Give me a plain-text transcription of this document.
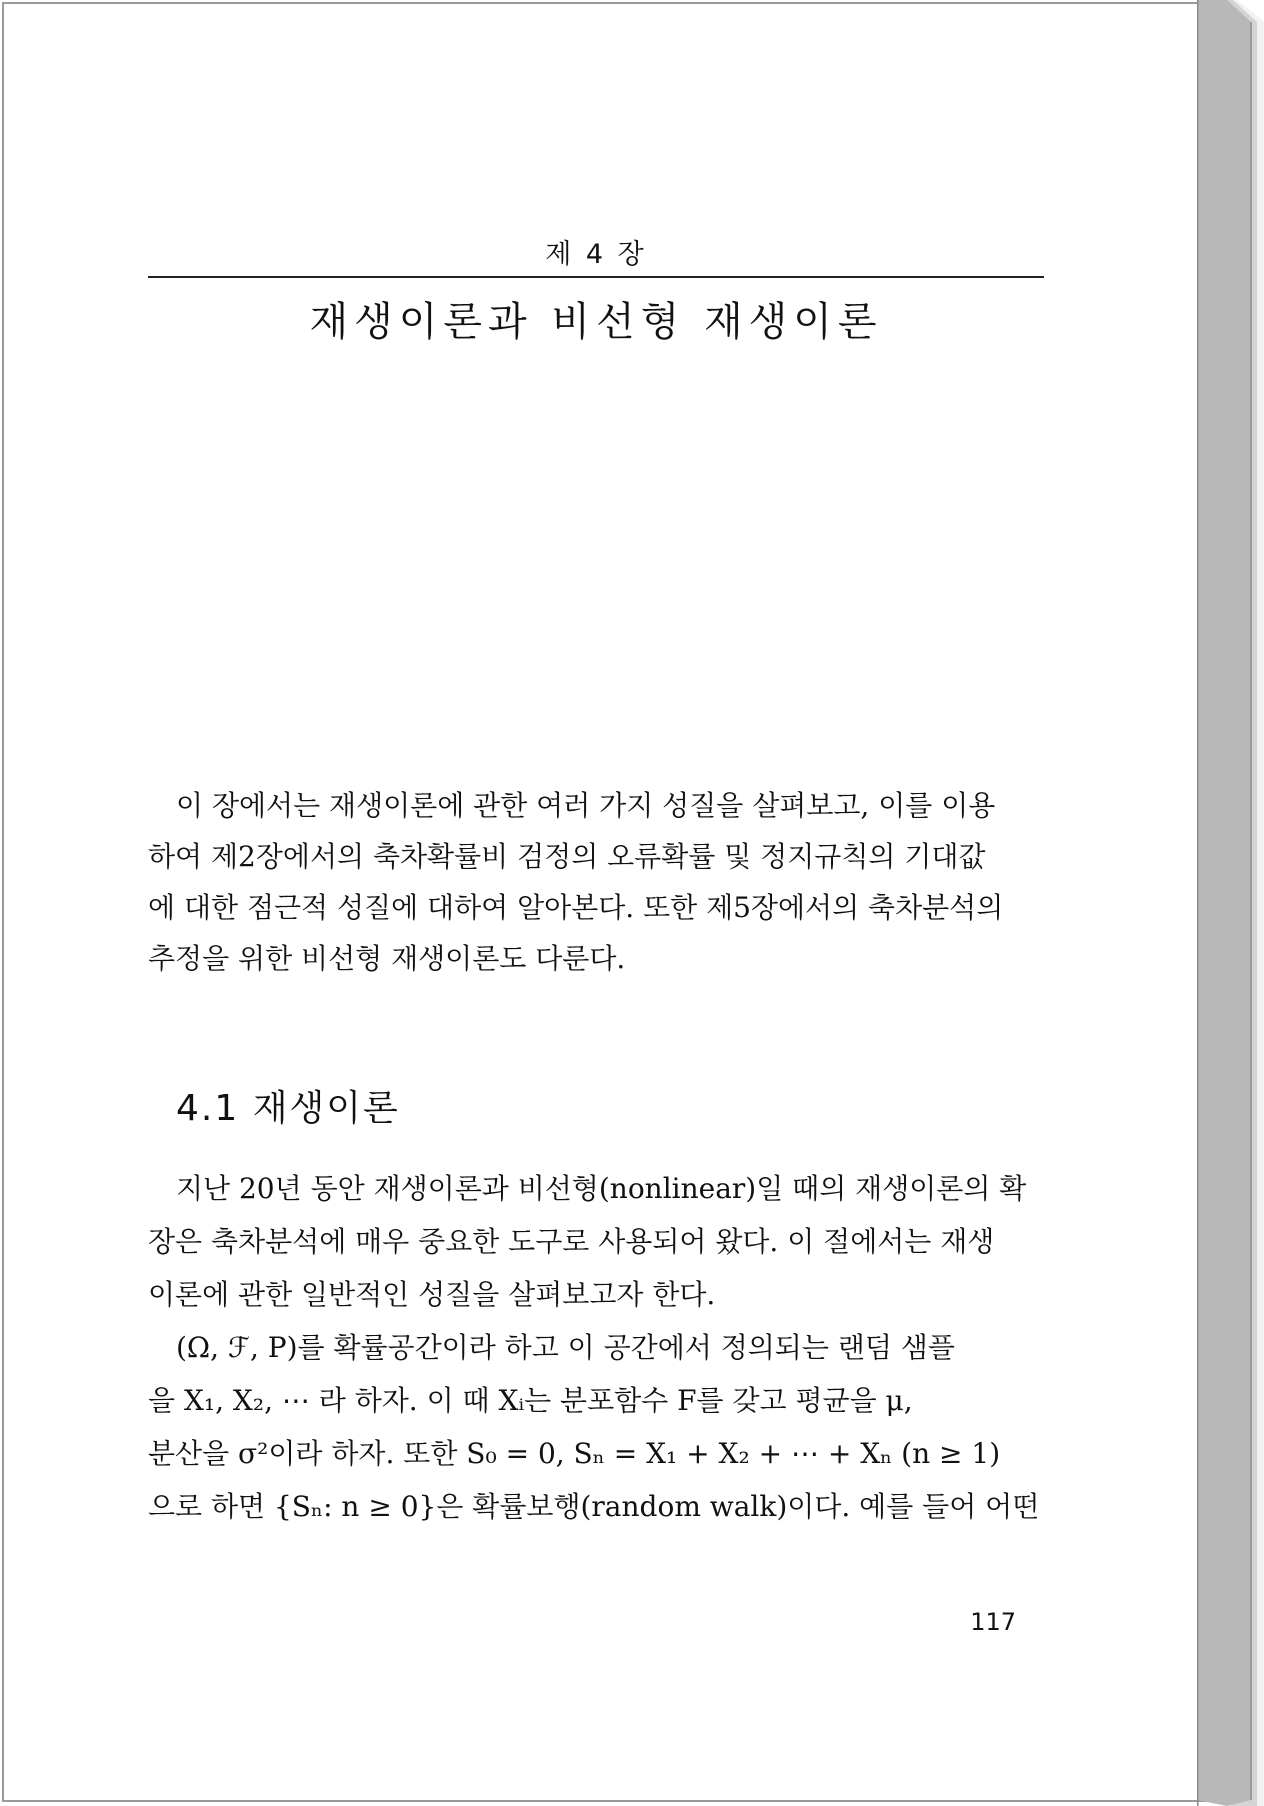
제 4 장
재생이론과 비선형 재생이론
이 장에서는 재생이론에 관한 여러 가지 성질을 살펴보고, 이를 이용
하여 제2장에서의 축차확률비 검정의 오류확률 및 정지규칙의 기대값
에 대한 점근적 성질에 대하여 알아본다. 또한 제5장에서의 축차분석의
추정을 위한 비선형 재생이론도 다룬다.
4.1 재생이론
지난 20년 동안 재생이론과 비선형(nonlinear)일 때의 재생이론의 확
장은 축차분석에 매우 중요한 도구로 사용되어 왔다. 이 절에서는 재생
이론에 관한 일반적인 성질을 살펴보고자 한다.
(Ω, ℱ, P)를 확률공간이라 하고 이 공간에서 정의되는 랜덤 샘플
을 X₁, X₂, ⋯ 라 하자. 이 때 Xᵢ는 분포함수 F를 갖고 평균을 μ,
분산을 σ²이라 하자. 또한 S₀ = 0, Sₙ = X₁ + X₂ + ⋯ + Xₙ (n ≥ 1)
으로 하면 {Sₙ: n ≥ 0}은 확률보행(random walk)이다. 예를 들어 어떤
117
